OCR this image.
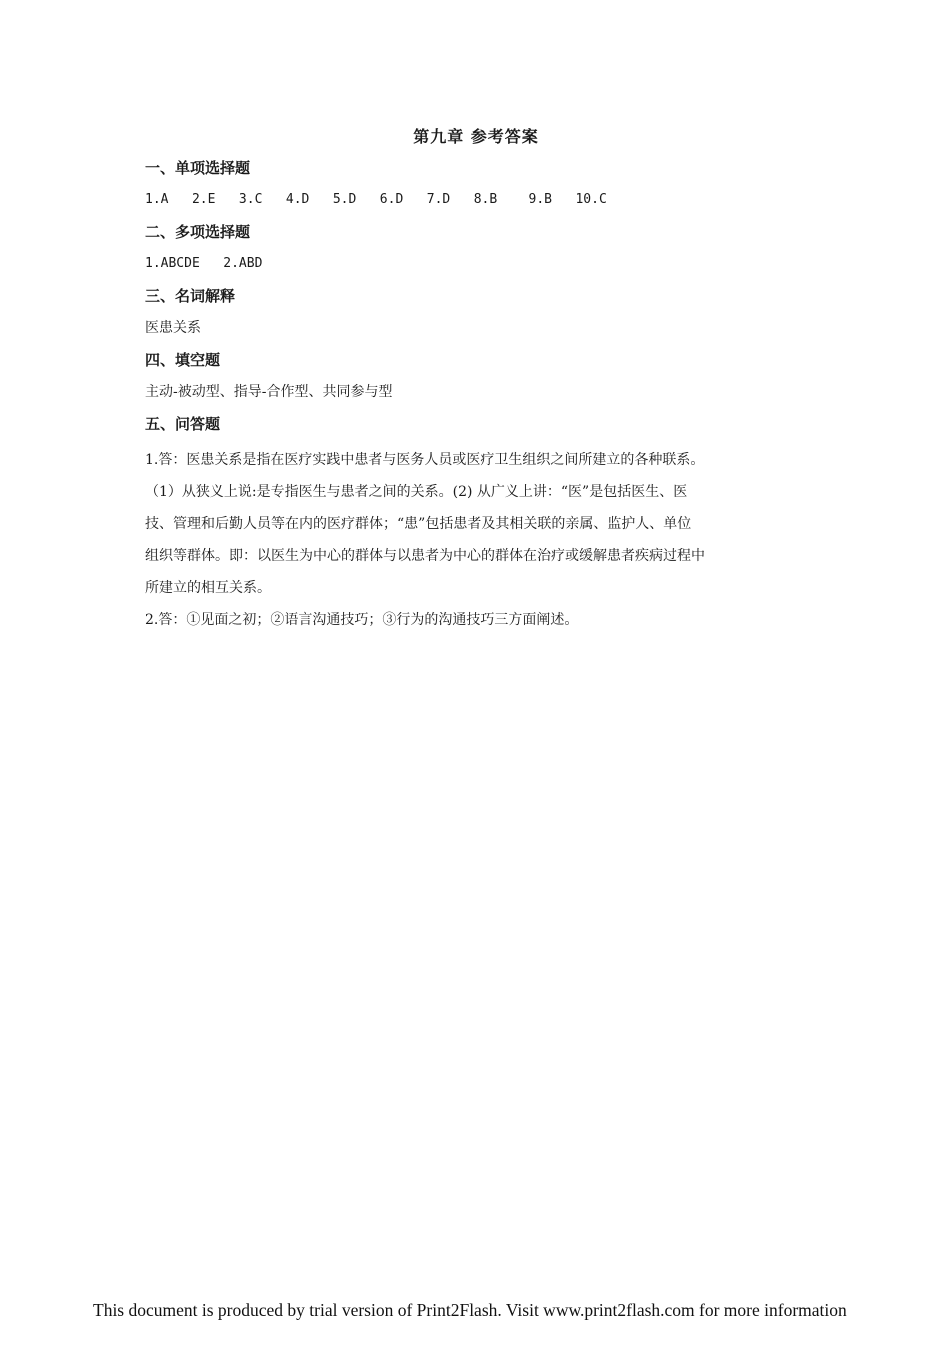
第九章 参考答案
一、单项选择题
1.A   2.E   3.C   4.D   5.D   6.D   7.D   8.B    9.B   10.C
二、多项选择题
1.ABCDE   2.ABD
三、名词解释
医患关系
四、填空题
主动-被动型、指导-合作型、共同参与型
五、问答题

1.答：医患关系是指在医疗实践中患者与医务人员或医疗卫生组织之间所建立的各种联系。

（1）从狭义上说:是专指医生与患者之间的关系。(2) 从广义上讲：“医”是包括医生、医

技、管理和后勤人员等在内的医疗群体；“患”包括患者及其相关联的亲属、监护人、单位

组织等群体。即：以医生为中心的群体与以患者为中心的群体在治疗或缓解患者疾病过程中

所建立的相互关系。

2.答：①见面之初；②语言沟通技巧；③行为的沟通技巧三方面阐述。

This document is produced by trial version of Print2Flash. Visit www.print2flash.com for more information
